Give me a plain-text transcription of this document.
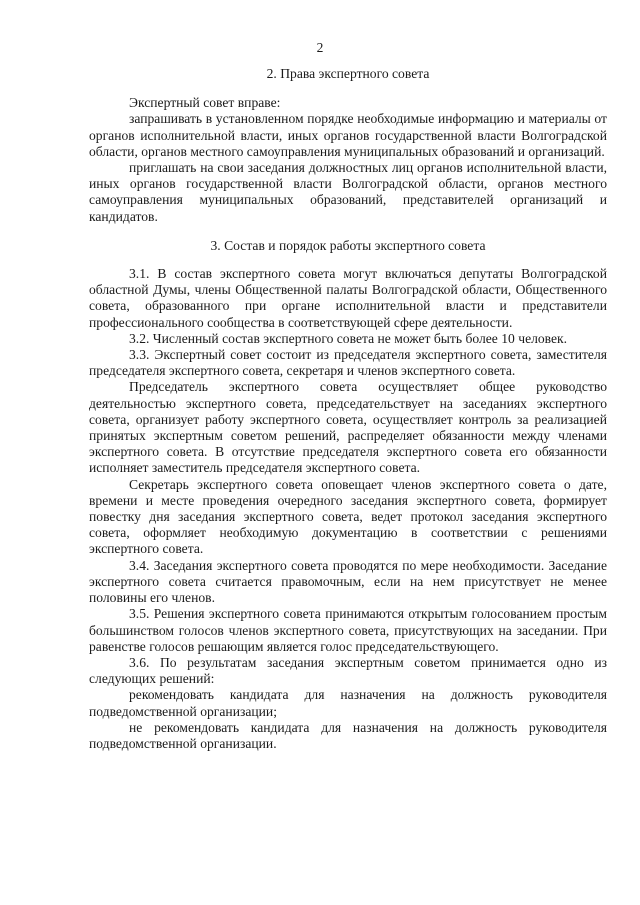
2
2. Права экспертного совета

Экспертный совет вправе:

запрашивать в установленном порядке необходимые информацию и материалы от органов исполнительной власти, иных органов государственной власти Волгоградской области, органов местного самоуправления муниципальных образований и организаций.

приглашать на свои заседания должностных лиц органов исполнительной власти, иных органов государственной власти Волгоградской области, органов местного самоуправления муниципальных образований, представителей организаций и кандидатов.

3. Состав и порядок работы экспертного совета

3.1. В состав экспертного совета могут включаться депутаты Волгоградской областной Думы, члены Общественной палаты Волгоградской области, Общественного совета, образованного при органе исполнительной власти и представители профессионального сообщества в соответствующей сфере деятельности.

3.2. Численный состав экспертного совета не может быть более 10 человек.

3.3. Экспертный совет состоит из председателя экспертного совета, заместителя председателя экспертного совета, секретаря и членов экспертного совета.

Председатель экспертного совета осуществляет общее руководство деятельностью экспертного совета, председательствует на заседаниях экспертного совета, организует работу экспертного совета, осуществляет контроль за реализацией принятых экспертным советом решений, распределяет обязанности между членами экспертного совета. В отсутствие председателя экспертного совета его обязанности исполняет заместитель председателя экспертного совета.

Секретарь экспертного совета оповещает членов экспертного совета о дате, времени и месте проведения очередного заседания экспертного совета, формирует повестку дня заседания экспертного совета, ведет протокол заседания экспертного совета, оформляет необходимую документацию в соответствии с решениями экспертного совета.

3.4. Заседания экспертного совета проводятся по мере необходимости. Заседание экспертного совета считается правомочным, если на нем присутствует не менее половины его членов.

3.5. Решения экспертного совета принимаются открытым голосованием простым большинством голосов членов экспертного совета, присутствующих на заседании. При равенстве голосов решающим является голос председательствующего.

3.6. По результатам заседания экспертным советом принимается одно из следующих решений:

рекомендовать кандидата для назначения на должность руководителя подведомственной организации;

не рекомендовать кандидата для назначения на должность руководителя подведомственной организации.
